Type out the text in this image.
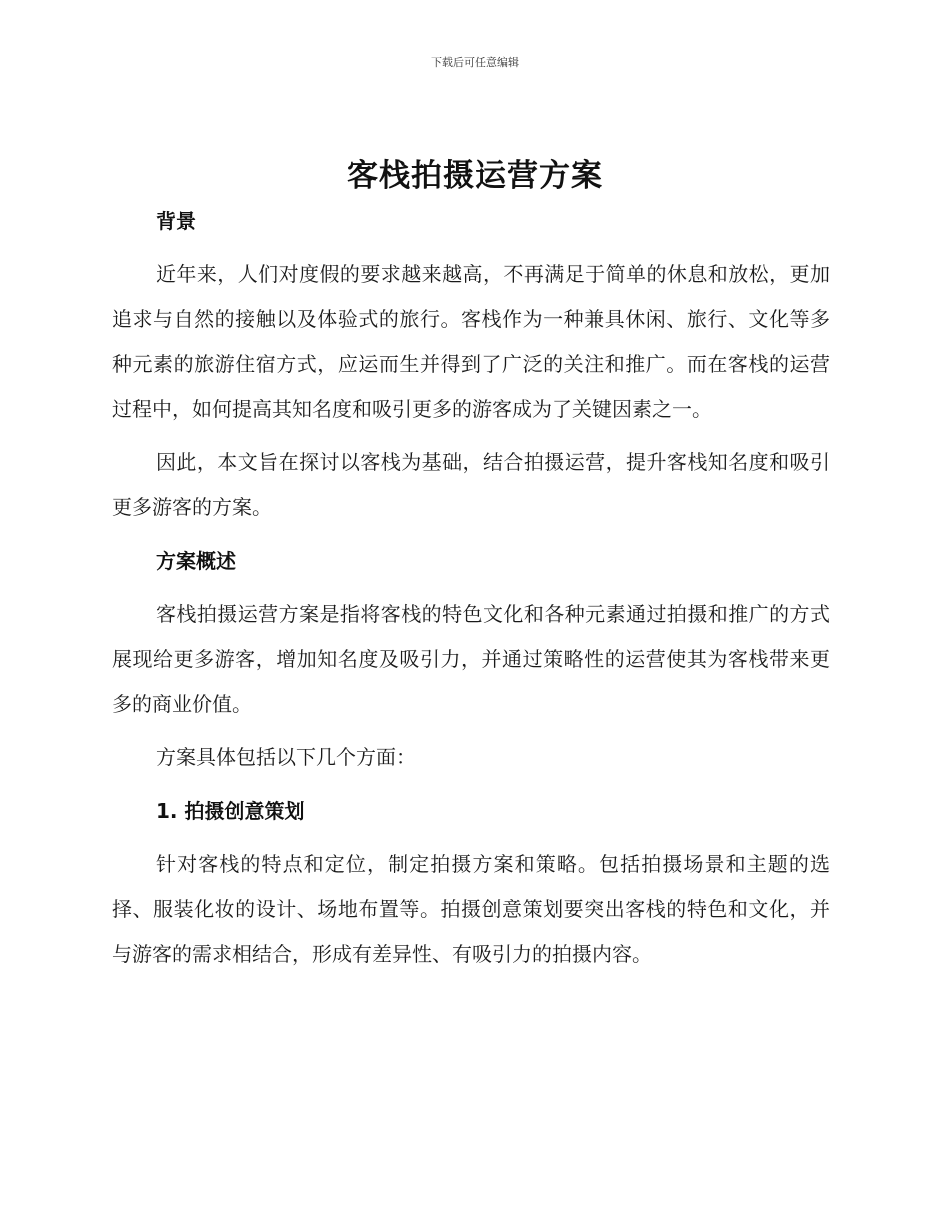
下载后可任意编辑
客栈拍摄运营方案
背景

近年来，人们对度假的要求越来越高，不再满足于简单的休息和放松，更加追求与自然的接触以及体验式的旅行。客栈作为一种兼具休闲、旅行、文化等多种元素的旅游住宿方式，应运而生并得到了广泛的关注和推广。而在客栈的运营过程中，如何提高其知名度和吸引更多的游客成为了关键因素之一。

因此，本文旨在探讨以客栈为基础，结合拍摄运营，提升客栈知名度和吸引更多游客的方案。

方案概述

客栈拍摄运营方案是指将客栈的特色文化和各种元素通过拍摄和推广的方式展现给更多游客，增加知名度及吸引力，并通过策略性的运营使其为客栈带来更多的商业价值。

方案具体包括以下几个方面：

1. 拍摄创意策划

针对客栈的特点和定位，制定拍摄方案和策略。包括拍摄场景和主题的选择、服装化妆的设计、场地布置等。拍摄创意策划要突出客栈的特色和文化，并与游客的需求相结合，形成有差异性、有吸引力的拍摄内容。
